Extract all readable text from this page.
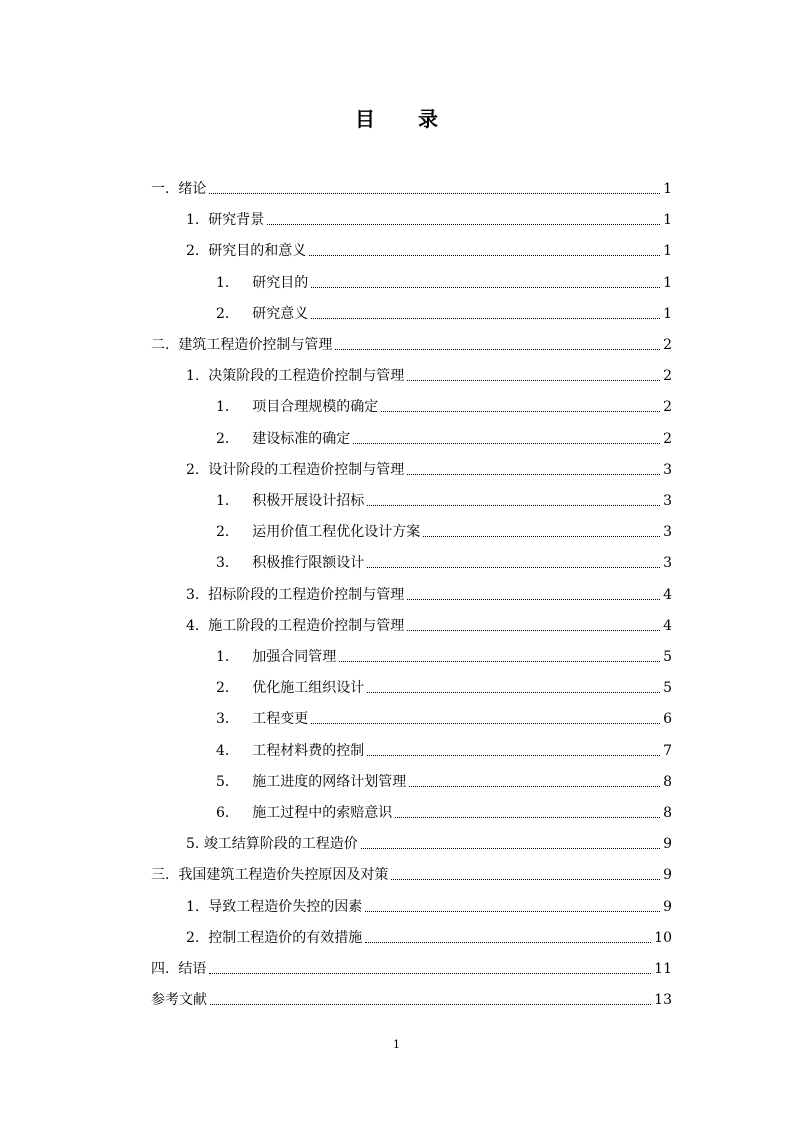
目 录
一. 绪论	1
1. 研究背景	1
2. 研究目的和意义	1
1． 研究目的	1
2． 研究意义	1
二. 建筑工程造价控制与管理	2
1. 决策阶段的工程造价控制与管理	2
1． 项目合理规模的确定	2
2． 建设标准的确定	2
2. 设计阶段的工程造价控制与管理	3
1． 积极开展设计招标	3
2． 运用价值工程优化设计方案	3
3． 积极推行限额设计	3
3. 招标阶段的工程造价控制与管理	4
4. 施工阶段的工程造价控制与管理	4
1． 加强合同管理	5
2． 优化施工组织设计	5
3． 工程变更	6
4． 工程材料费的控制	7
5． 施工进度的网络计划管理	8
6． 施工过程中的索赔意识	8
5. 竣工结算阶段的工程造价	9
三. 我国建筑工程造价失控原因及对策	9
1. 导致工程造价失控的因素	9
2. 控制工程造价的有效措施	10
四. 结语	11
参考文献	13
1
